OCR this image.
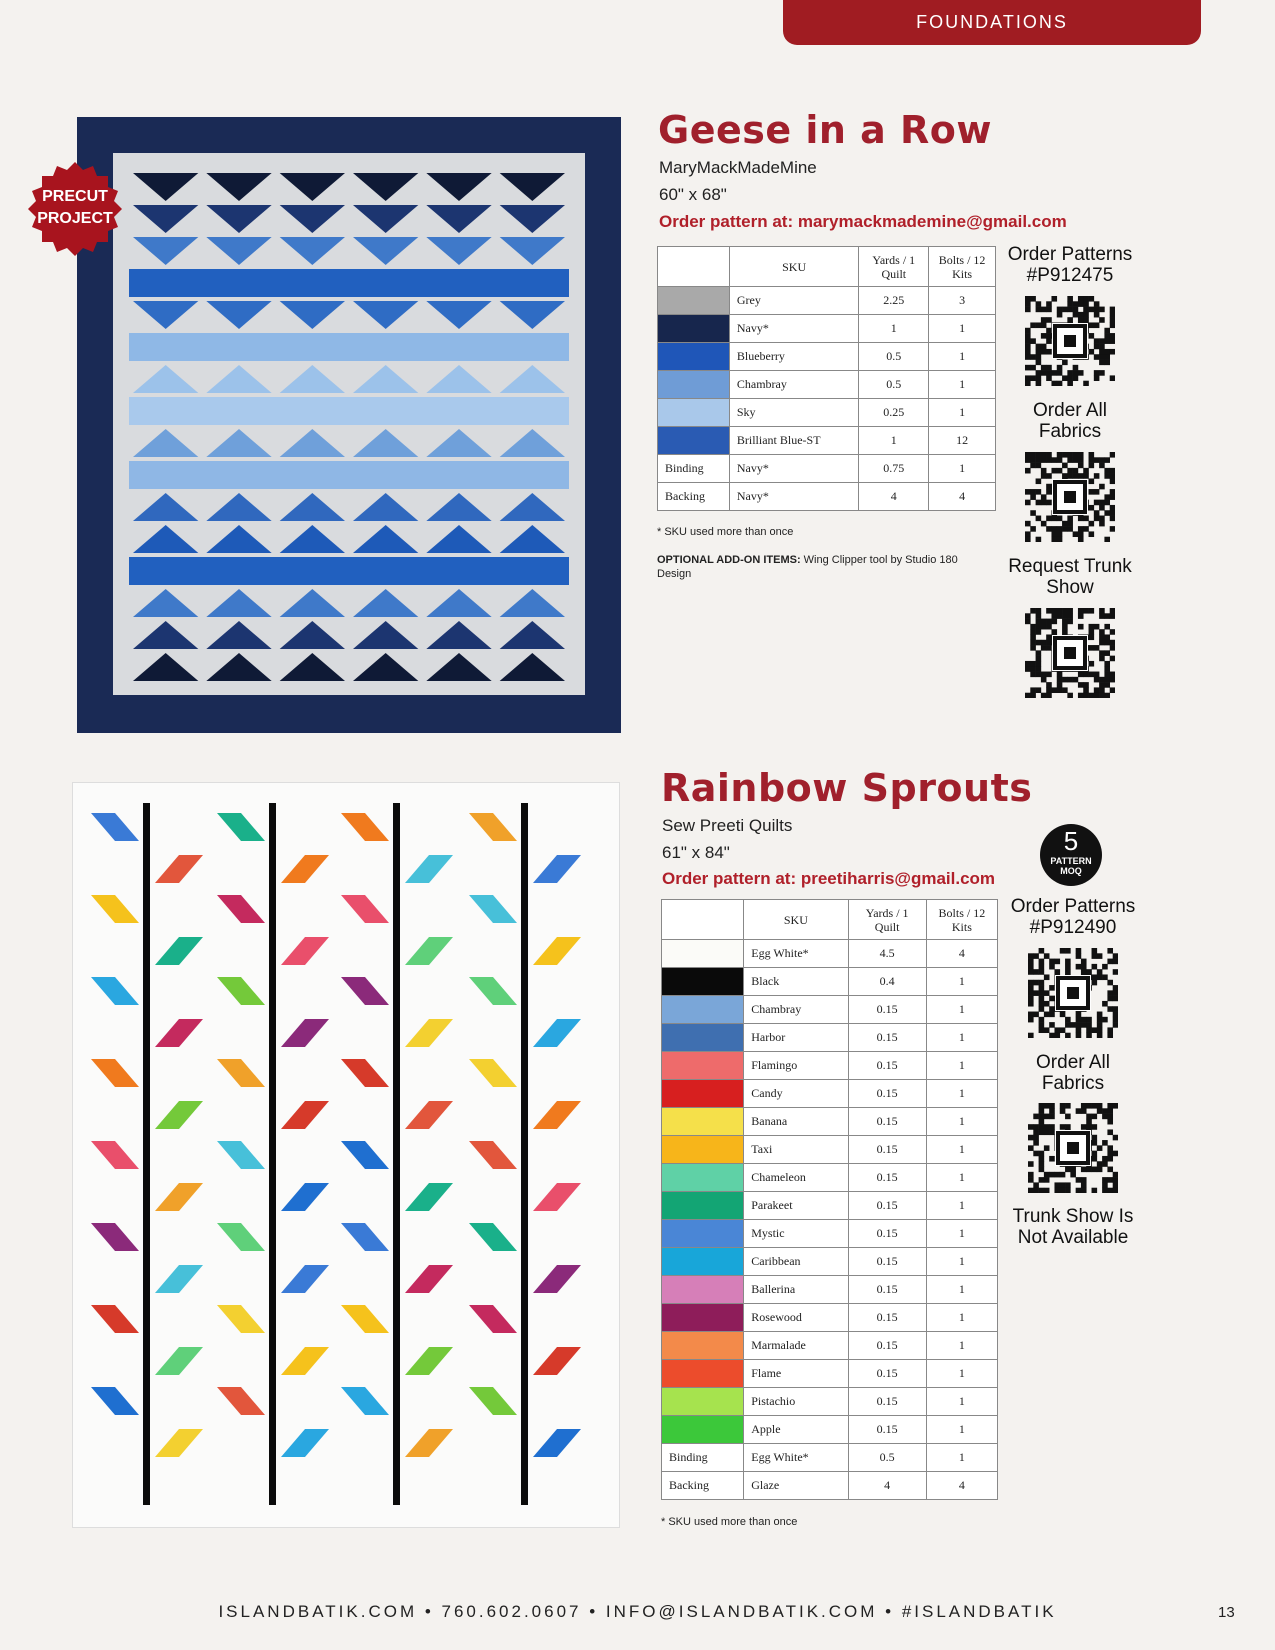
FOUNDATIONS
PRECUT
PROJECT
Geese in a Row
MaryMackMadeMine
60" x 68"
Order pattern at: marymackmademine@gmail.com
	SKU	Yards / 1 Quilt	Bolts / 12 Kits
	Grey	2.25	3
	Navy*	1	1
	Blueberry	0.5	1
	Chambray	0.5	1
	Sky	0.25	1
	Brilliant Blue-ST	1	12
Binding	Navy*	0.75	1
Backing	Navy*	4	4
* SKU used more than once
OPTIONAL ADD-ON ITEMS: Wing Clipper tool by Studio 180 Design
Order Patterns
#P912475
Order All
Fabrics
Request Trunk
Show
Rainbow Sprouts
Sew Preeti Quilts
61" x 84"
Order pattern at: preetiharris@gmail.com
5
PATTERN
MOQ
	SKU	Yards / 1 Quilt	Bolts / 12 Kits
	Egg White*	4.5	4
	Black	0.4	1
	Chambray	0.15	1
	Harbor	0.15	1
	Flamingo	0.15	1
	Candy	0.15	1
	Banana	0.15	1
	Taxi	0.15	1
	Chameleon	0.15	1
	Parakeet	0.15	1
	Mystic	0.15	1
	Caribbean	0.15	1
	Ballerina	0.15	1
	Rosewood	0.15	1
	Marmalade	0.15	1
	Flame	0.15	1
	Pistachio	0.15	1
	Apple	0.15	1
Binding	Egg White*	0.5	1
Backing	Glaze	4	4
* SKU used more than once
Order Patterns
#P912490
Order All
Fabrics
Trunk Show Is
Not Available
ISLANDBATIK.COM • 760.602.0607 • INFO@ISLANDBATIK.COM • #ISLANDBATIK	13
